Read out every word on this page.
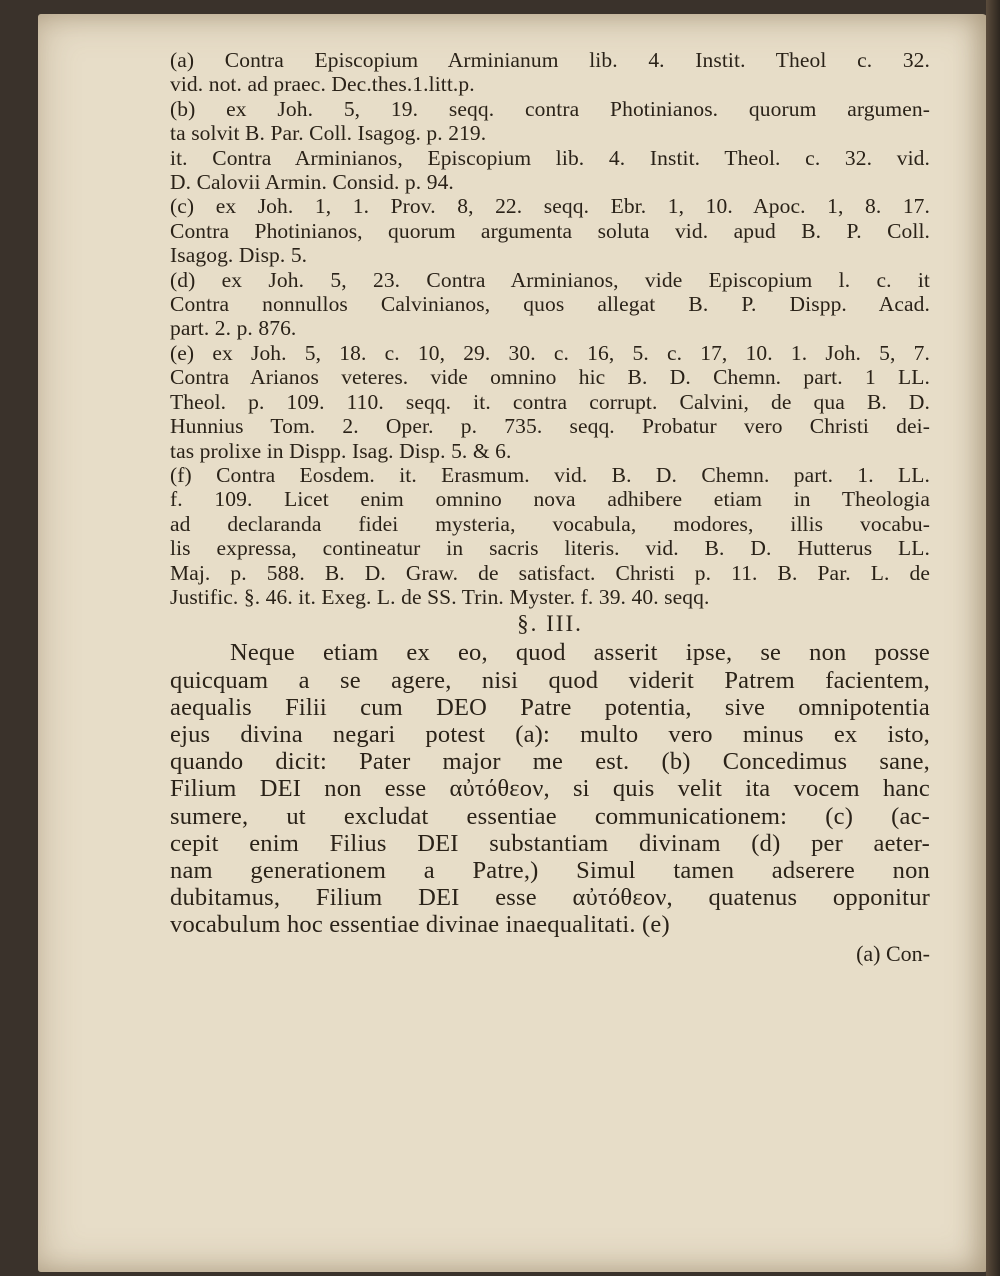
(a) Contra Episcopium Arminianum lib. 4. Instit. Theol c. 32.

vid. not. ad praec. Dec.thes.1.litt.p.

(b) ex Joh. 5, 19. seqq. contra Photinianos. quorum argumen-

ta solvit B. Par. Coll. Isagog. p. 219.

it. Contra Arminianos, Episcopium lib. 4. Instit. Theol. c. 32. vid.

D. Calovii Armin. Consid. p. 94.

(c) ex Joh. 1, 1. Prov. 8, 22. seqq. Ebr. 1, 10. Apoc. 1, 8. 17.

Contra Photinianos, quorum argumenta soluta vid. apud B. P. Coll.

Isagog. Disp. 5.

(d) ex Joh. 5, 23. Contra Arminianos, vide Episcopium l. c. it

Contra nonnullos Calvinianos, quos allegat B. P. Dispp. Acad.

part. 2. p. 876.

(e) ex Joh. 5, 18. c. 10, 29. 30. c. 16, 5. c. 17, 10. 1. Joh. 5, 7.

Contra Arianos veteres. vide omnino hic B. D. Chemn. part. 1 LL.

Theol. p. 109. 110. seqq. it. contra corrupt. Calvini, de qua B. D.

Hunnius Tom. 2. Oper. p. 735. seqq. Probatur vero Christi dei-

tas prolixe in Dispp. Isag. Disp. 5. & 6.

(f) Contra Eosdem. it. Erasmum. vid. B. D. Chemn. part. 1. LL.

f. 109. Licet enim omnino nova adhibere etiam in Theologia

ad declaranda fidei mysteria, vocabula, modores, illis vocabu-

lis expressa, contineatur in sacris literis. vid. B. D. Hutterus LL.

Maj. p. 588. B. D. Graw. de satisfact. Christi p. 11. B. Par. L. de

Justific. §. 46. it. Exeg. L. de SS. Trin. Myster. f. 39. 40. seqq.

§. III.

Neque etiam ex eo, quod asserit ipse, se non posse

quicquam a se agere, nisi quod viderit Patrem facientem,

aequalis Filii cum DEO Patre potentia, sive omnipotentia

ejus divina negari potest (a): multo vero minus ex isto,

quando dicit: Pater major me est. (b) Concedimus sane,

Filium DEI non esse αὐτόθεον, si quis velit ita vocem hanc

sumere, ut excludat essentiae communicationem: (c) (ac-

cepit enim Filius DEI substantiam divinam (d) per aeter-

nam generationem a Patre,) Simul tamen adserere non

dubitamus, Filium DEI esse αὐτόθεον, quatenus opponitur

vocabulum hoc essentiae divinae inaequalitati. (e)

(a) Con-
